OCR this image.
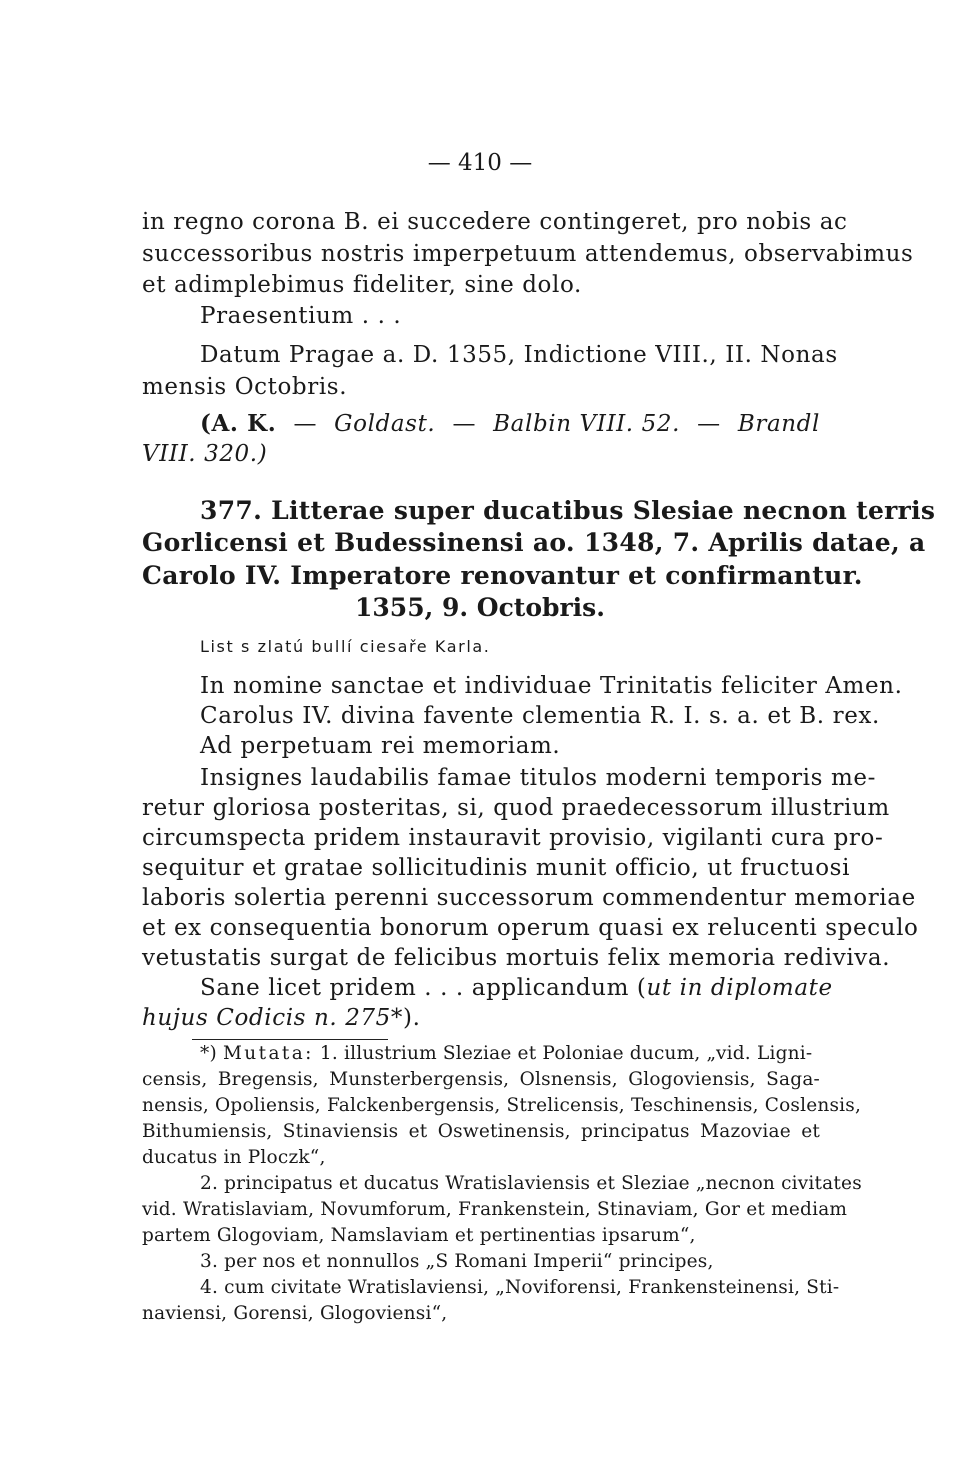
— 410 —
in regno corona B. ei succedere contingeret, pro nobis ac
successoribus nostris imperpetuum attendemus, observabimus
et adimplebimus fideliter, sine dolo.
Praesentium . . .
Datum Pragae a. D. 1355, Indictione VIII., II. Nonas
mensis Octobris.
(A. K. — Goldast. — Balbin VIII. 52. — Brandl
VIII. 320.)
377. Litterae super ducatibus Slesiae necnon terris
Gorlicensi et Budessinensi ao. 1348, 7. Aprilis datae, a
Carolo IV. Imperatore renovantur et confirmantur.
1355, 9. Octobris.
List s zlatú bullí ciesaře Karla.
In nomine sanctae et individuae Trinitatis feliciter Amen.
Carolus IV. divina favente clementia R. I. s. a. et B. rex.
Ad perpetuam rei memoriam.
Insignes laudabilis famae titulos moderni temporis me-
retur gloriosa posteritas, si, quod praedecessorum illustrium
circumspecta pridem instauravit provisio, vigilanti cura pro-
sequitur et gratae sollicitudinis munit officio, ut fructuosi
laboris solertia perenni successorum commendentur memoriae
et ex consequentia bonorum operum quasi ex relucenti speculo
vetustatis surgat de felicibus mortuis felix memoria rediviva.
Sane licet pridem . . . applicandum ( ut in diplomate
hujus Codicis n. 275*).
*) Mutata: 1. illustrium Sleziae et Poloniae ducum, „vid. Ligni-
censis, Bregensis, Munsterbergensis, Olsnensis, Glogoviensis, Saga-
nensis, Opoliensis, Falckenbergensis, Strelicensis, Teschinensis, Coslensis,
Bithumiensis, Stinaviensis et Oswetinensis, principatus Mazoviae et
ducatus in Ploczk“,
2. principatus et ducatus Wratislaviensis et Sleziae „necnon civitates
vid. Wratislaviam, Novumforum, Frankenstein, Stinaviam, Gor et mediam
partem Glogoviam, Namslaviam et pertinentias ipsarum“,
3. per nos et nonnullos „S Romani Imperii“ principes,
4. cum civitate Wratislaviensi, „Noviforensi, Frankensteinensi, Sti-
naviensi, Gorensi, Glogoviensi“,
